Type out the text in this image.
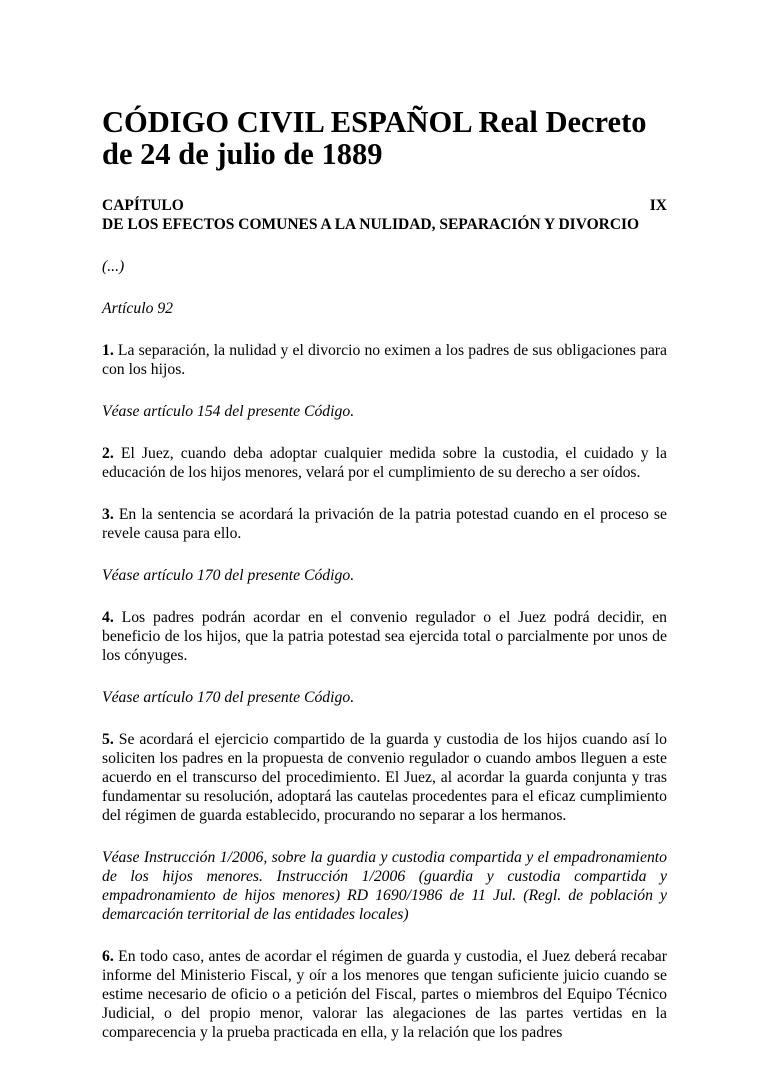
CÓDIGO CIVIL ESPAÑOL Real Decreto de 24 de julio de 1889
CAPÍTULO	IX
DE LOS EFECTOS COMUNES A LA NULIDAD, SEPARACIÓN Y DIVORCIO

(...)

Artículo 92

1. La separación, la nulidad y el divorcio no eximen a los padres de sus obligaciones para con los hijos.

Véase artículo 154 del presente Código.

2. El Juez, cuando deba adoptar cualquier medida sobre la custodia, el cuidado y la educación de los hijos menores, velará por el cumplimiento de su derecho a ser oídos.

3. En la sentencia se acordará la privación de la patria potestad cuando en el proceso se revele causa para ello.

Véase artículo 170 del presente Código.

4. Los padres podrán acordar en el convenio regulador o el Juez podrá decidir, en beneficio de los hijos, que la patria potestad sea ejercida total o parcialmente por unos de los cónyuges.

Véase artículo 170 del presente Código.

5. Se acordará el ejercicio compartido de la guarda y custodia de los hijos cuando así lo soliciten los padres en la propuesta de convenio regulador o cuando ambos lleguen a este acuerdo en el transcurso del procedimiento. El Juez, al acordar la guarda conjunta y tras fundamentar su resolución, adoptará las cautelas procedentes para el eficaz cumplimiento del régimen de guarda establecido, procurando no separar a los hermanos.

Véase Instrucción 1/2006, sobre la guardia y custodia compartida y el empadronamiento de los hijos menores. Instrucción 1/2006 (guardia y custodia compartida y empadronamiento de hijos menores) RD 1690/1986 de 11 Jul. (Regl. de población y demarcación territorial de las entidades locales)

6. En todo caso, antes de acordar el régimen de guarda y custodia, el Juez deberá recabar informe del Ministerio Fiscal, y oír a los menores que tengan suficiente juicio cuando se estime necesario de oficio o a petición del Fiscal, partes o miembros del Equipo Técnico Judicial, o del propio menor, valorar las alegaciones de las partes vertidas en la comparecencia y la prueba practicada en ella, y la relación que los padres
